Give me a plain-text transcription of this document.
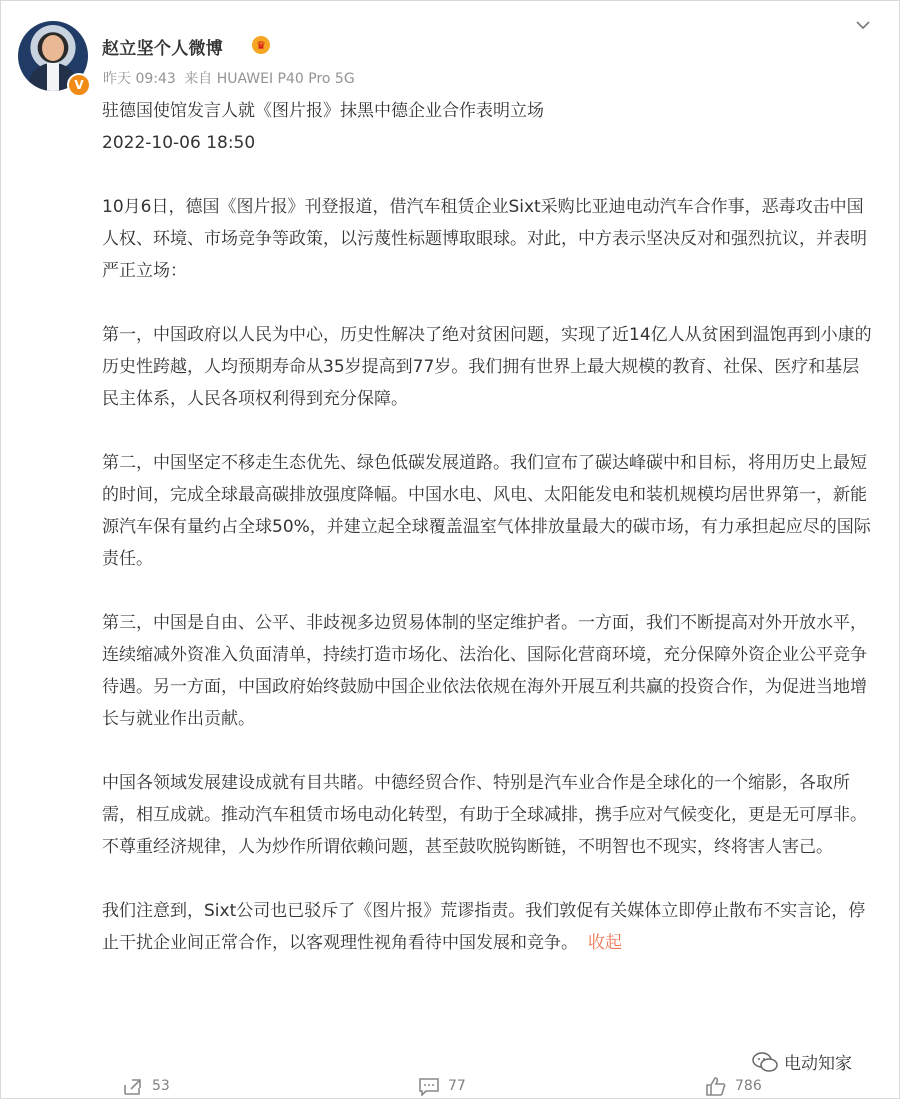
V
赵立坚个人微博	♛
昨天 09:43 来自 HUAWEI P40 Pro 5G

驻德国使馆发言人就《图片报》抹黑中德企业合作表明立场

2022-10-06 18:50

10月6日，德国《图片报》刊登报道，借汽车租赁企业Sixt采购比亚迪电动汽车合作事，恶毒攻击中国人权、环境、市场竞争等政策，以污蔑性标题博取眼球。对此，中方表示坚决反对和强烈抗议，并表明严正立场：

第一，中国政府以人民为中心，历史性解决了绝对贫困问题，实现了近14亿人从贫困到温饱再到小康的历史性跨越，人均预期寿命从35岁提高到77岁。我们拥有世界上最大规模的教育、社保、医疗和基层民主体系，人民各项权利得到充分保障。

第二，中国坚定不移走生态优先、绿色低碳发展道路。我们宣布了碳达峰碳中和目标，将用历史上最短的时间，完成全球最高碳排放强度降幅。中国水电、风电、太阳能发电和装机规模均居世界第一，新能源汽车保有量约占全球50%，并建立起全球覆盖温室气体排放量最大的碳市场，有力承担起应尽的国际责任。

第三，中国是自由、公平、非歧视多边贸易体制的坚定维护者。一方面，我们不断提高对外开放水平，连续缩减外资准入负面清单，持续打造市场化、法治化、国际化营商环境，充分保障外资企业公平竞争待遇。另一方面，中国政府始终鼓励中国企业依法依规在海外开展互利共赢的投资合作，为促进当地增长与就业作出贡献。

中国各领域发展建设成就有目共睹。中德经贸合作、特别是汽车业合作是全球化的一个缩影，各取所需，相互成就。推动汽车租赁市场电动化转型，有助于全球减排，携手应对气候变化，更是无可厚非。不尊重经济规律，人为炒作所谓依赖问题，甚至鼓吹脱钩断链，不明智也不现实，终将害人害己。

我们注意到，Sixt公司也已驳斥了《图片报》荒谬指责。我们敦促有关媒体立即停止散布不实言论，停止干扰企业间正常合作，以客观理性视角看待中国发展和竞争。 收起

电动知家
53	77	786
